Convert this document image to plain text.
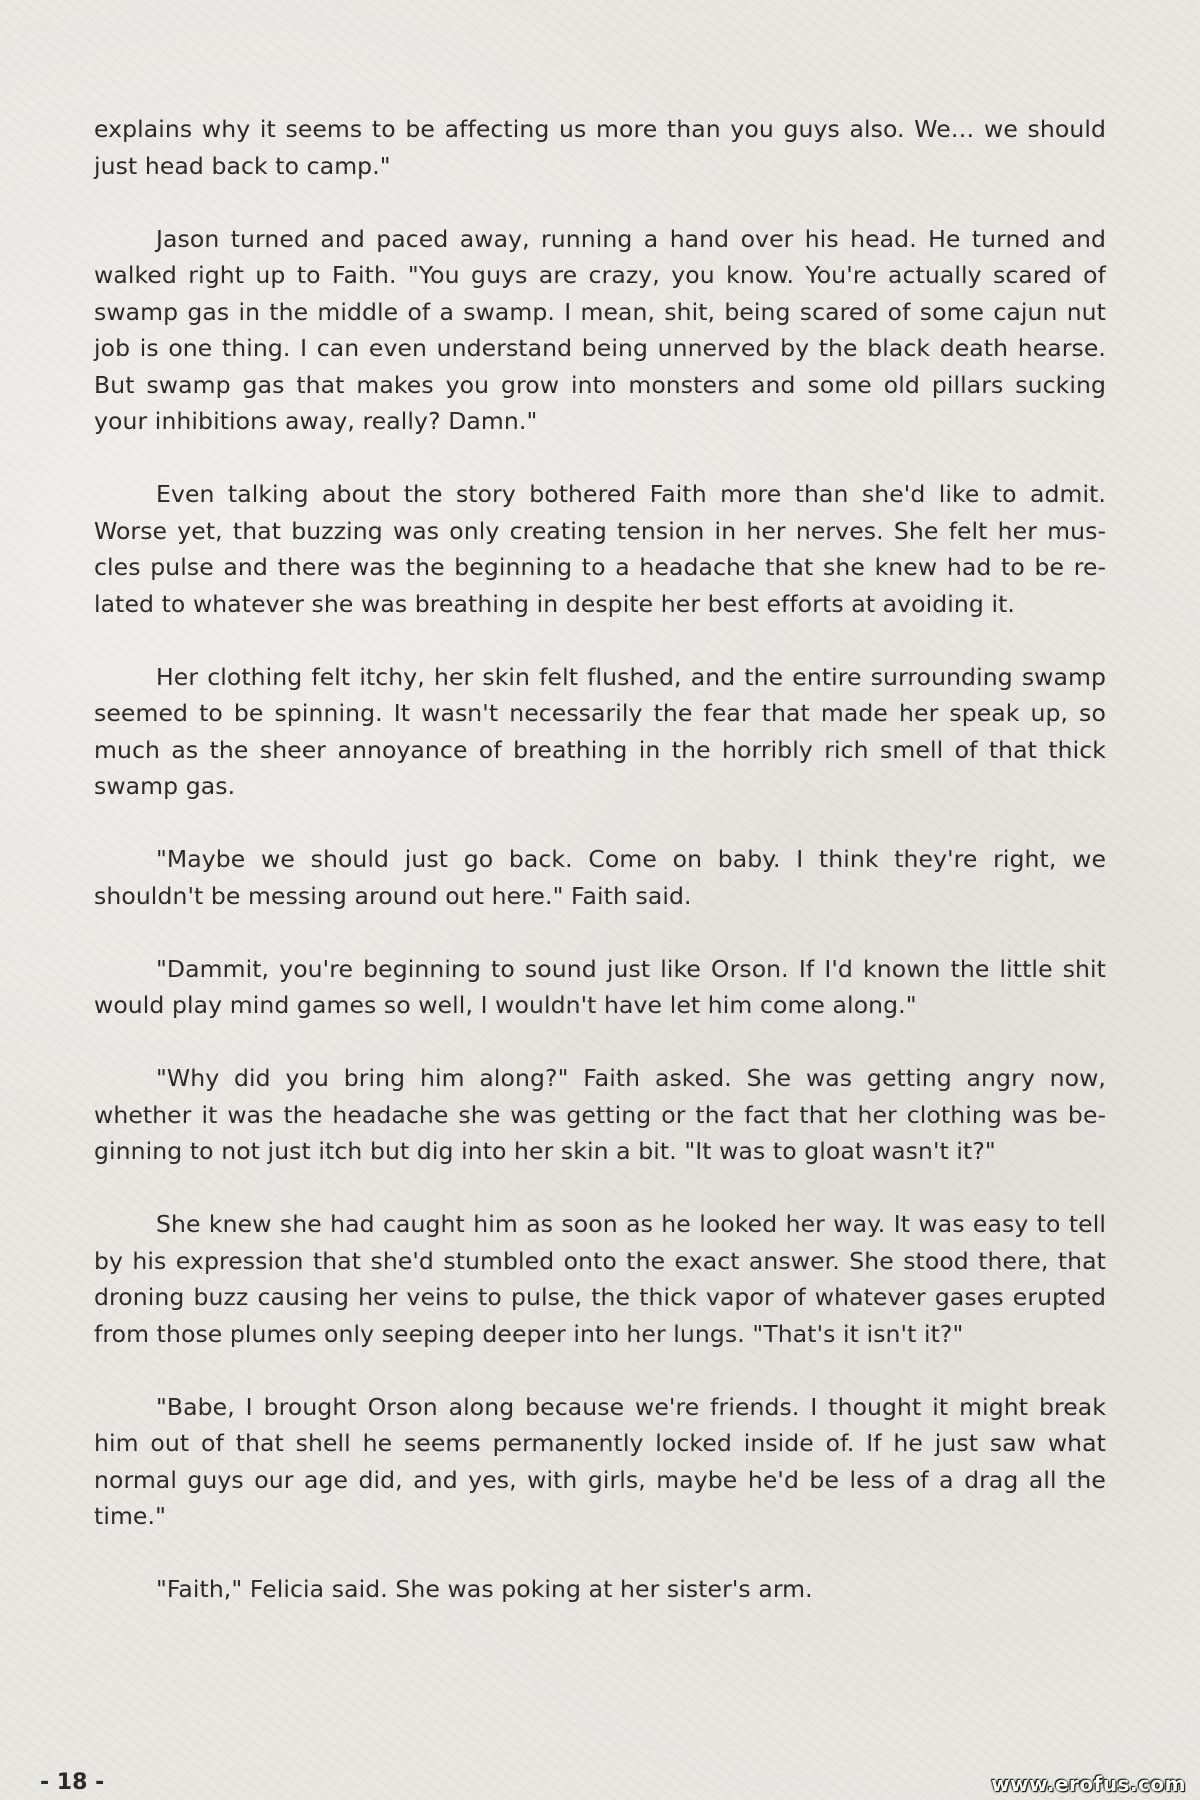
explains why it seems to be affecting us more than you guys also. We… we should just head back to camp."

Jason turned and paced away, running a hand over his head. He turned and walked right up to Faith. "You guys are crazy, you know. You're actually scared of swamp gas in the middle of a swamp. I mean, shit, being scared of some cajun nut job is one thing. I can even understand being unnerved by the black death hearse. But swamp gas that makes you grow into monsters and some old pillars sucking your inhibitions away, really? Damn."

Even talking about the story bothered Faith more than she'd like to admit. Worse yet, that buzzing was only creating tension in her nerves. She felt her muscles pulse and there was the beginning to a headache that she knew had to be related to whatever she was breathing in despite her best efforts at avoiding it.

Her clothing felt itchy, her skin felt flushed, and the entire surrounding swamp seemed to be spinning. It wasn't necessarily the fear that made her speak up, so much as the sheer annoyance of breathing in the horribly rich smell of that thick swamp gas.

"Maybe we should just go back. Come on baby. I think they're right, we shouldn't be messing around out here." Faith said.

"Dammit, you're beginning to sound just like Orson. If I'd known the little shit would play mind games so well, I wouldn't have let him come along."

"Why did you bring him along?" Faith asked. She was getting angry now, whether it was the headache she was getting or the fact that her clothing was beginning to not just itch but dig into her skin a bit. "It was to gloat wasn't it?"

She knew she had caught him as soon as he looked her way. It was easy to tell by his expression that she'd stumbled onto the exact answer. She stood there, that droning buzz causing her veins to pulse, the thick vapor of whatever gases erupted from those plumes only seeping deeper into her lungs. "That's it isn't it?"

"Babe, I brought Orson along because we're friends. I thought it might break him out of that shell he seems permanently locked inside of. If he just saw what normal guys our age did, and yes, with girls, maybe he'd be less of a drag all the time."

"Faith," Felicia said. She was poking at her sister's arm.

- 18 -	www.erofus.com
